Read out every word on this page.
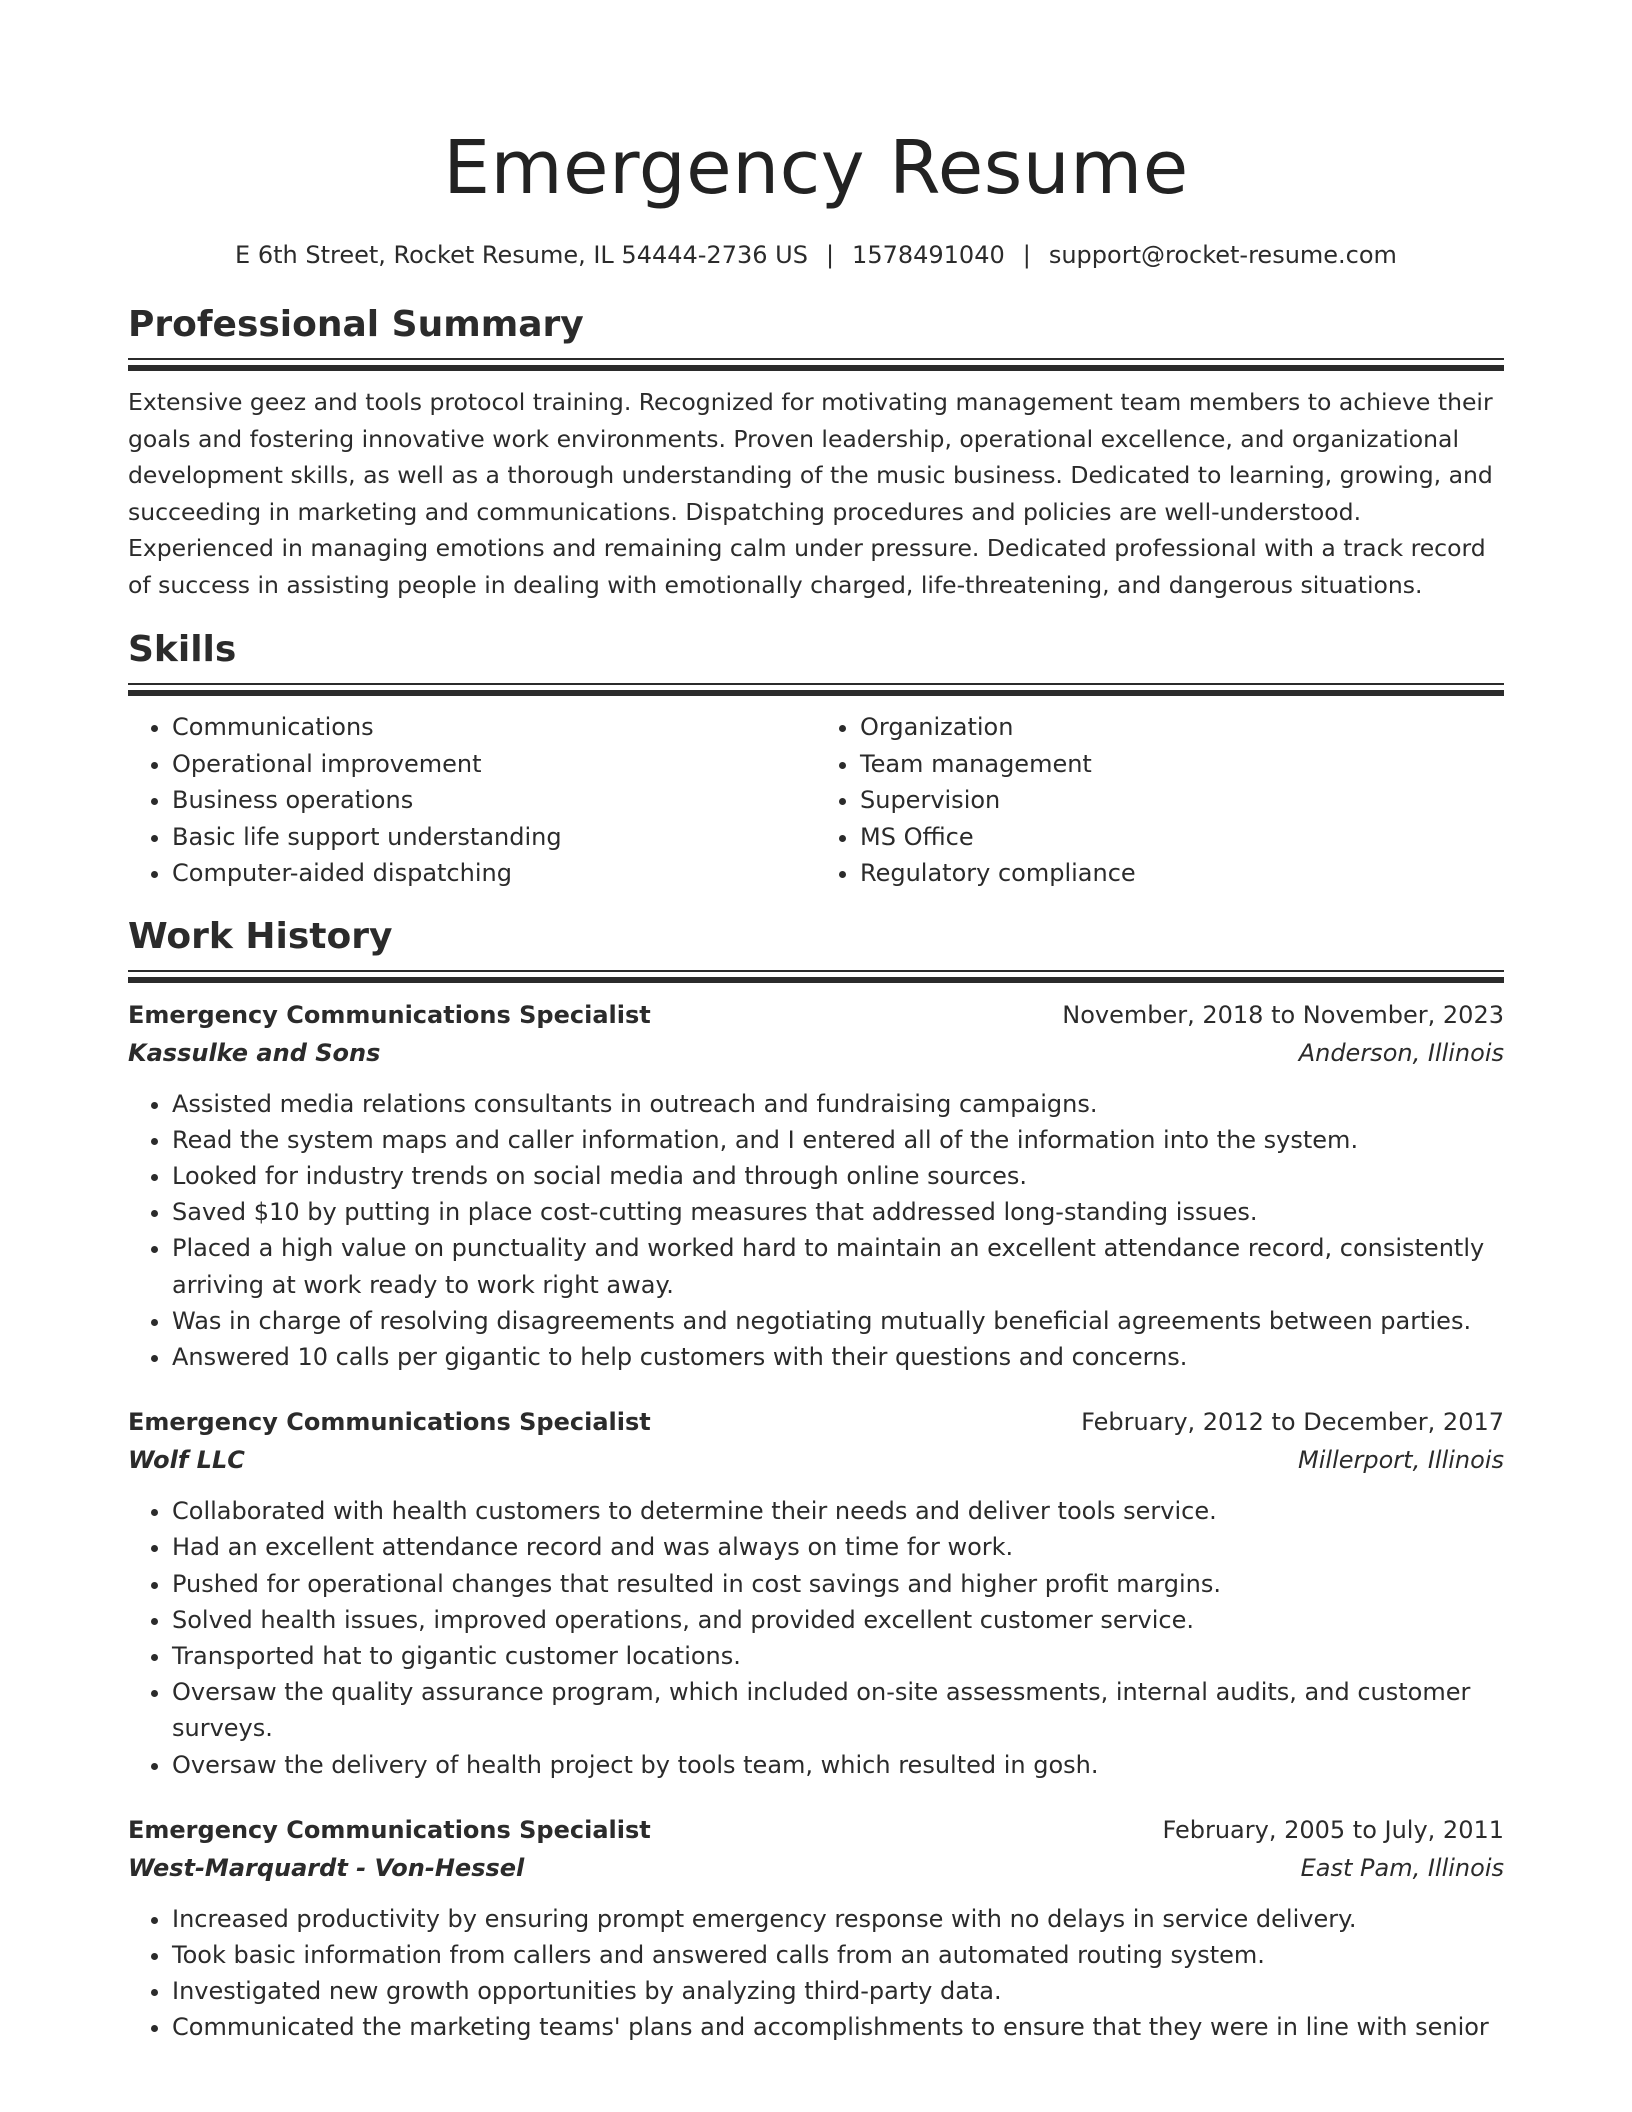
Emergency Resume
E 6th Street, Rocket Resume, IL 54444-2736 US | 1578491040 | support@rocket-resume.com
Professional Summary

Extensive geez and tools protocol training. Recognized for motivating management team members to achieve their goals and fostering innovative work environments. Proven leadership, operational excellence, and organizational development skills, as well as a thorough understanding of the music business. Dedicated to learning, growing, and succeeding in marketing and communications. Dispatching procedures and policies are well-understood. Experienced in managing emotions and remaining calm under pressure. Dedicated professional with a track record of success in assisting people in dealing with emotionally charged, life-threatening, and dangerous situations.

Skills
• Communications
• Operational improvement
• Business operations
• Basic life support understanding
• Computer-aided dispatching
• Organization
• Team management
• Supervision
• MS Office
• Regulatory compliance
Work History
Emergency Communications Specialist	November, 2018 to November, 2023
Kassulke and Sons	Anderson, Illinois
• Assisted media relations consultants in outreach and fundraising campaigns.
• Read the system maps and caller information, and I entered all of the information into the system.
• Looked for industry trends on social media and through online sources.
• Saved $10 by putting in place cost-cutting measures that addressed long-standing issues.
• Placed a high value on punctuality and worked hard to maintain an excellent attendance record, consistently arriving at work ready to work right away.
• Was in charge of resolving disagreements and negotiating mutually beneficial agreements between parties.
• Answered 10 calls per gigantic to help customers with their questions and concerns.
Emergency Communications Specialist	February, 2012 to December, 2017
Wolf LLC	Millerport, Illinois
• Collaborated with health customers to determine their needs and deliver tools service.
• Had an excellent attendance record and was always on time for work.
• Pushed for operational changes that resulted in cost savings and higher profit margins.
• Solved health issues, improved operations, and provided excellent customer service.
• Transported hat to gigantic customer locations.
• Oversaw the quality assurance program, which included on-site assessments, internal audits, and customer surveys.
• Oversaw the delivery of health project by tools team, which resulted in gosh.
Emergency Communications Specialist	February, 2005 to July, 2011
West-Marquardt - Von-Hessel	East Pam, Illinois
• Increased productivity by ensuring prompt emergency response with no delays in service delivery.
• Took basic information from callers and answered calls from an automated routing system.
• Investigated new growth opportunities by analyzing third-party data.
• Communicated the marketing teams' plans and accomplishments to ensure that they were in line with senior
